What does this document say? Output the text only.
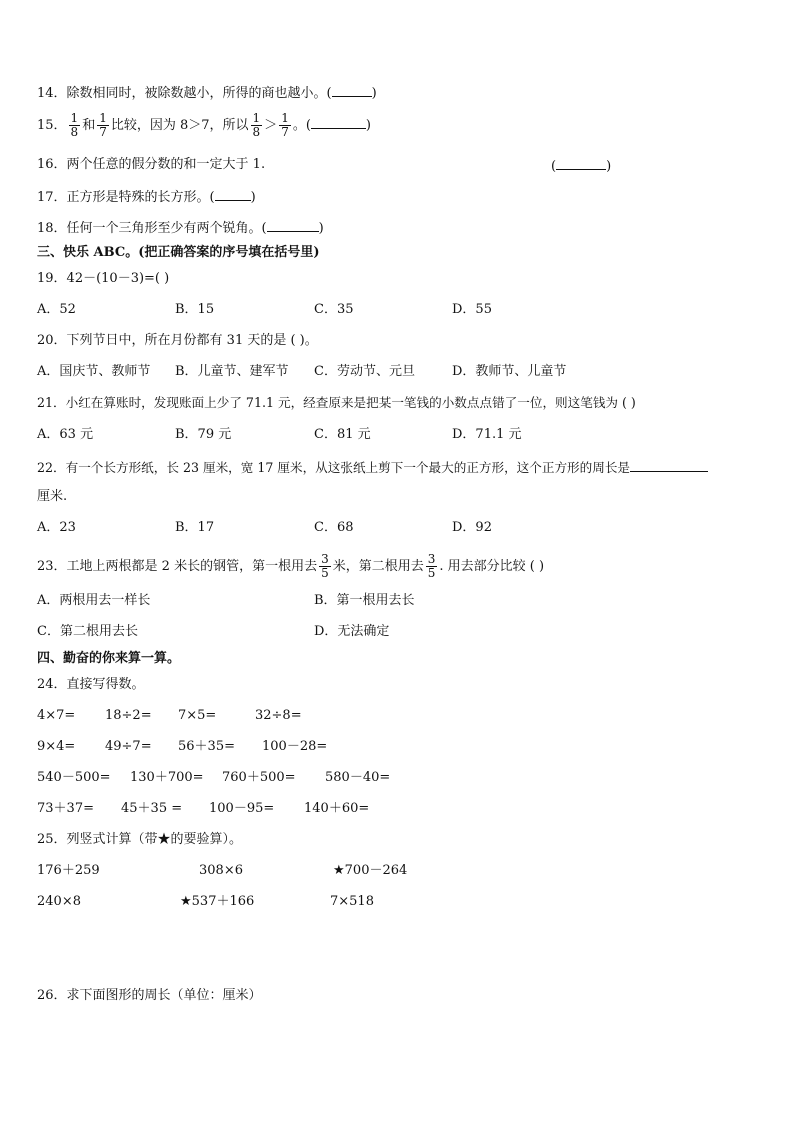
14．除数相同时，被除数越小，所得的商也越小。(	)
15． $\frac{1}{8}$ 和 $\frac{1}{7}$ 比较，因为 8＞7，所以 $\frac{1}{8} > \frac{1}{7}$ 。(	)
16．两个任意的假分数的和一定大于 1.	(	)
17．正方形是特殊的长方形。(	)
18．任何一个三角形至少有两个锐角。(	)
三、快乐 ABC。(把正确答案的序号填在括号里)
19．42－(10－3)=( )
A．52	B．15	C．35	D．55
20．下列节日中，所在月份都有 31 天的是 ( )。
A．国庆节、教师节 B．儿童节、建军节 C．劳动节、元旦	D．教师节、儿童节
21．小红在算账时，发现账面上少了 71.1 元，经查原来是把某一笔钱的小数点点错了一位，则这笔钱为 ( )
A．63 元	B．79 元	C．81 元	D．71.1 元
22．有一个长方形纸，长 23 厘米，宽 17 厘米，从这张纸上剪下一个最大的正方形，这个正方形的周长是
厘米.
A．23	B．17	C．68	D．92
23．工地上两根都是 2 米长的钢管，第一根用去 $\frac{3}{5}$ 米，第二根用去 $\frac{3}{5}$ . 用去部分比较 ( )
A．两根用去一样长	B．第一根用去长
C．第二根用去长	D．无法确定
四、勤奋的你来算一算。
24．直接写得数。
4×7= 18÷2= 7×5=	32÷8=
9×4= 49÷7= 56＋35= 100－28=
540－500= 130＋700= 760＋500= 580－40=
73＋37= 45＋35 = 100－95= 140＋60=
25．列竖式计算（带★的要验算）。
176＋259	308×6	★700－264
240×8	★537＋166	7×518
26．求下面图形的周长（单位：厘米）
